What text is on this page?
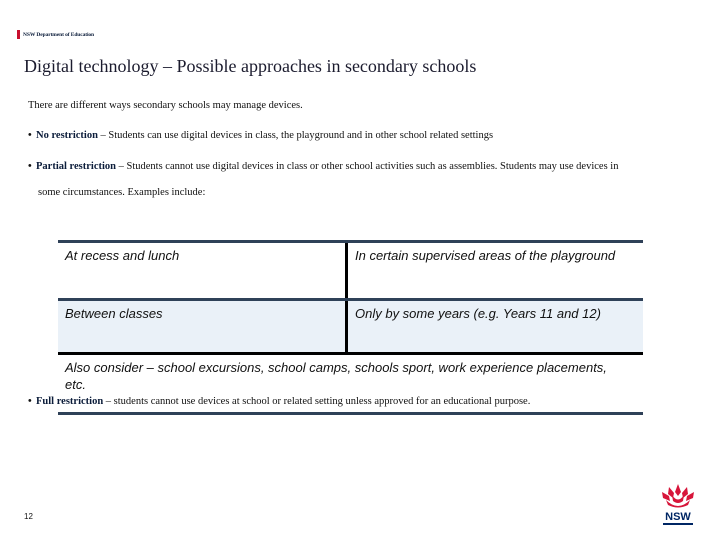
NSW Department of Education
Digital technology – Possible approaches in secondary schools
There are different ways secondary schools may manage devices.
• No restriction – Students can use digital devices in class, the playground and in other school related settings
• Partial restriction – Students cannot use digital devices in class or other school activities such as assemblies. Students may use devices in
some circumstances. Examples include:
At recess and lunch	In certain supervised areas of the playground
Between classes	Only by some years (e.g. Years 11 and 12)
Also consider – school excursions, school camps, schools sport, work experience placements, etc.
• Full restriction – students cannot use devices at school or related setting unless approved for an educational purpose.
12	NSW
